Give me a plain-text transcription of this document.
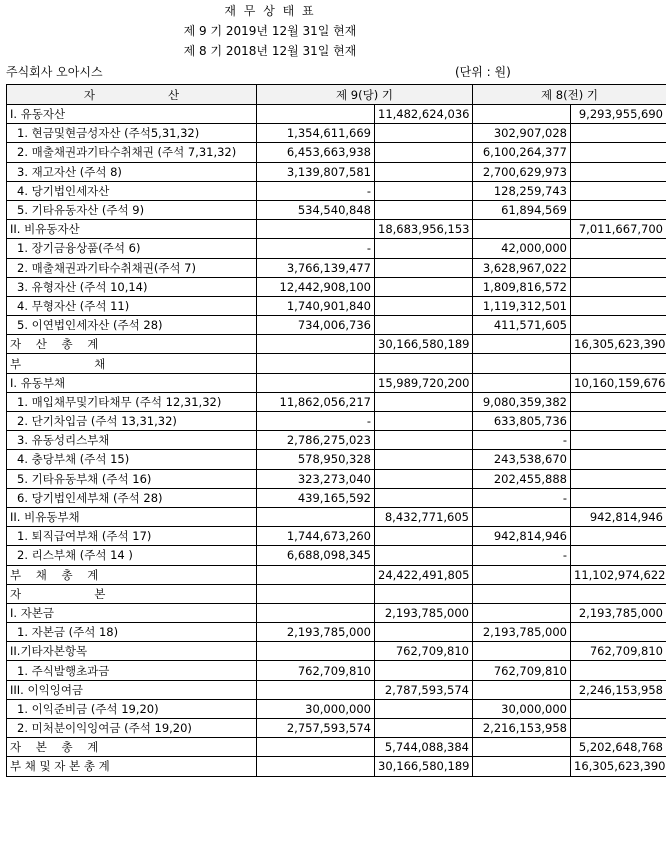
재 무 상 태 표
제 9 기 2019년 12월 31일 현재
제 8 기 2018년 12월 31일 현재
주식회사 오아시스	(단위 : 원)
자                    산	제 9(당) 기		제 8(전) 기	
I. 유동자산		11,482,624,036		9,293,955,690
1. 현금및현금성자산 (주석5,31,32)	1,354,611,669		302,907,028	
2. 매출채권과기타수취채권 (주석 7,31,32)	6,453,663,938		6,100,264,377	
3. 재고자산 (주석 8)	3,139,807,581		2,700,629,973	
4. 당기법인세자산	-		128,259,743	
5. 기타유동자산 (주석 9)	534,540,848		61,894,569	
II. 비유동자산		18,683,956,153		7,011,667,700
1. 장기금융상품(주석 6)	-		42,000,000	
2. 매출채권과기타수취채권(주석 7)	3,766,139,477		3,628,967,022	
3. 유형자산 (주석 10,14)	12,442,908,100		1,809,816,572	
4. 무형자산 (주석 11)	1,740,901,840		1,119,312,501	
5. 이연법인세자산 (주석 28)	734,006,736		411,571,605	
자    산    총    계		30,166,580,189		16,305,623,390
부                    채				
I. 유동부채		15,989,720,200		10,160,159,676
1. 매입채무및기타채무 (주석 12,31,32)	11,862,056,217		9,080,359,382	
2. 단기차입금 (주석 13,31,32)	-		633,805,736	
3. 유동성리스부채	2,786,275,023		-	
4. 충당부채 (주석 15)	578,950,328		243,538,670	
5. 기타유동부채 (주석 16)	323,273,040		202,455,888	
6. 당기법인세부채 (주석 28)	439,165,592		-	
II. 비유동부채		8,432,771,605		942,814,946
1. 퇴직급여부채 (주석 17)	1,744,673,260		942,814,946	
2. 리스부채 (주석 14 )	6,688,098,345		-	
부    채    총    계		24,422,491,805		11,102,974,622
자                    본				
I. 자본금		2,193,785,000		2,193,785,000
1. 자본금 (주석 18)	2,193,785,000		2,193,785,000	
II.기타자본항목		762,709,810		762,709,810
1. 주식발행초과금	762,709,810		762,709,810	
III. 이익잉여금		2,787,593,574		2,246,153,958
1. 이익준비금 (주석 19,20)	30,000,000		30,000,000	
2. 미처분이익잉여금 (주석 19,20)	2,757,593,574		2,216,153,958	
자    본    총    계		5,744,088,384		5,202,648,768
부 채 및 자 본 총 계		30,166,580,189		16,305,623,390
